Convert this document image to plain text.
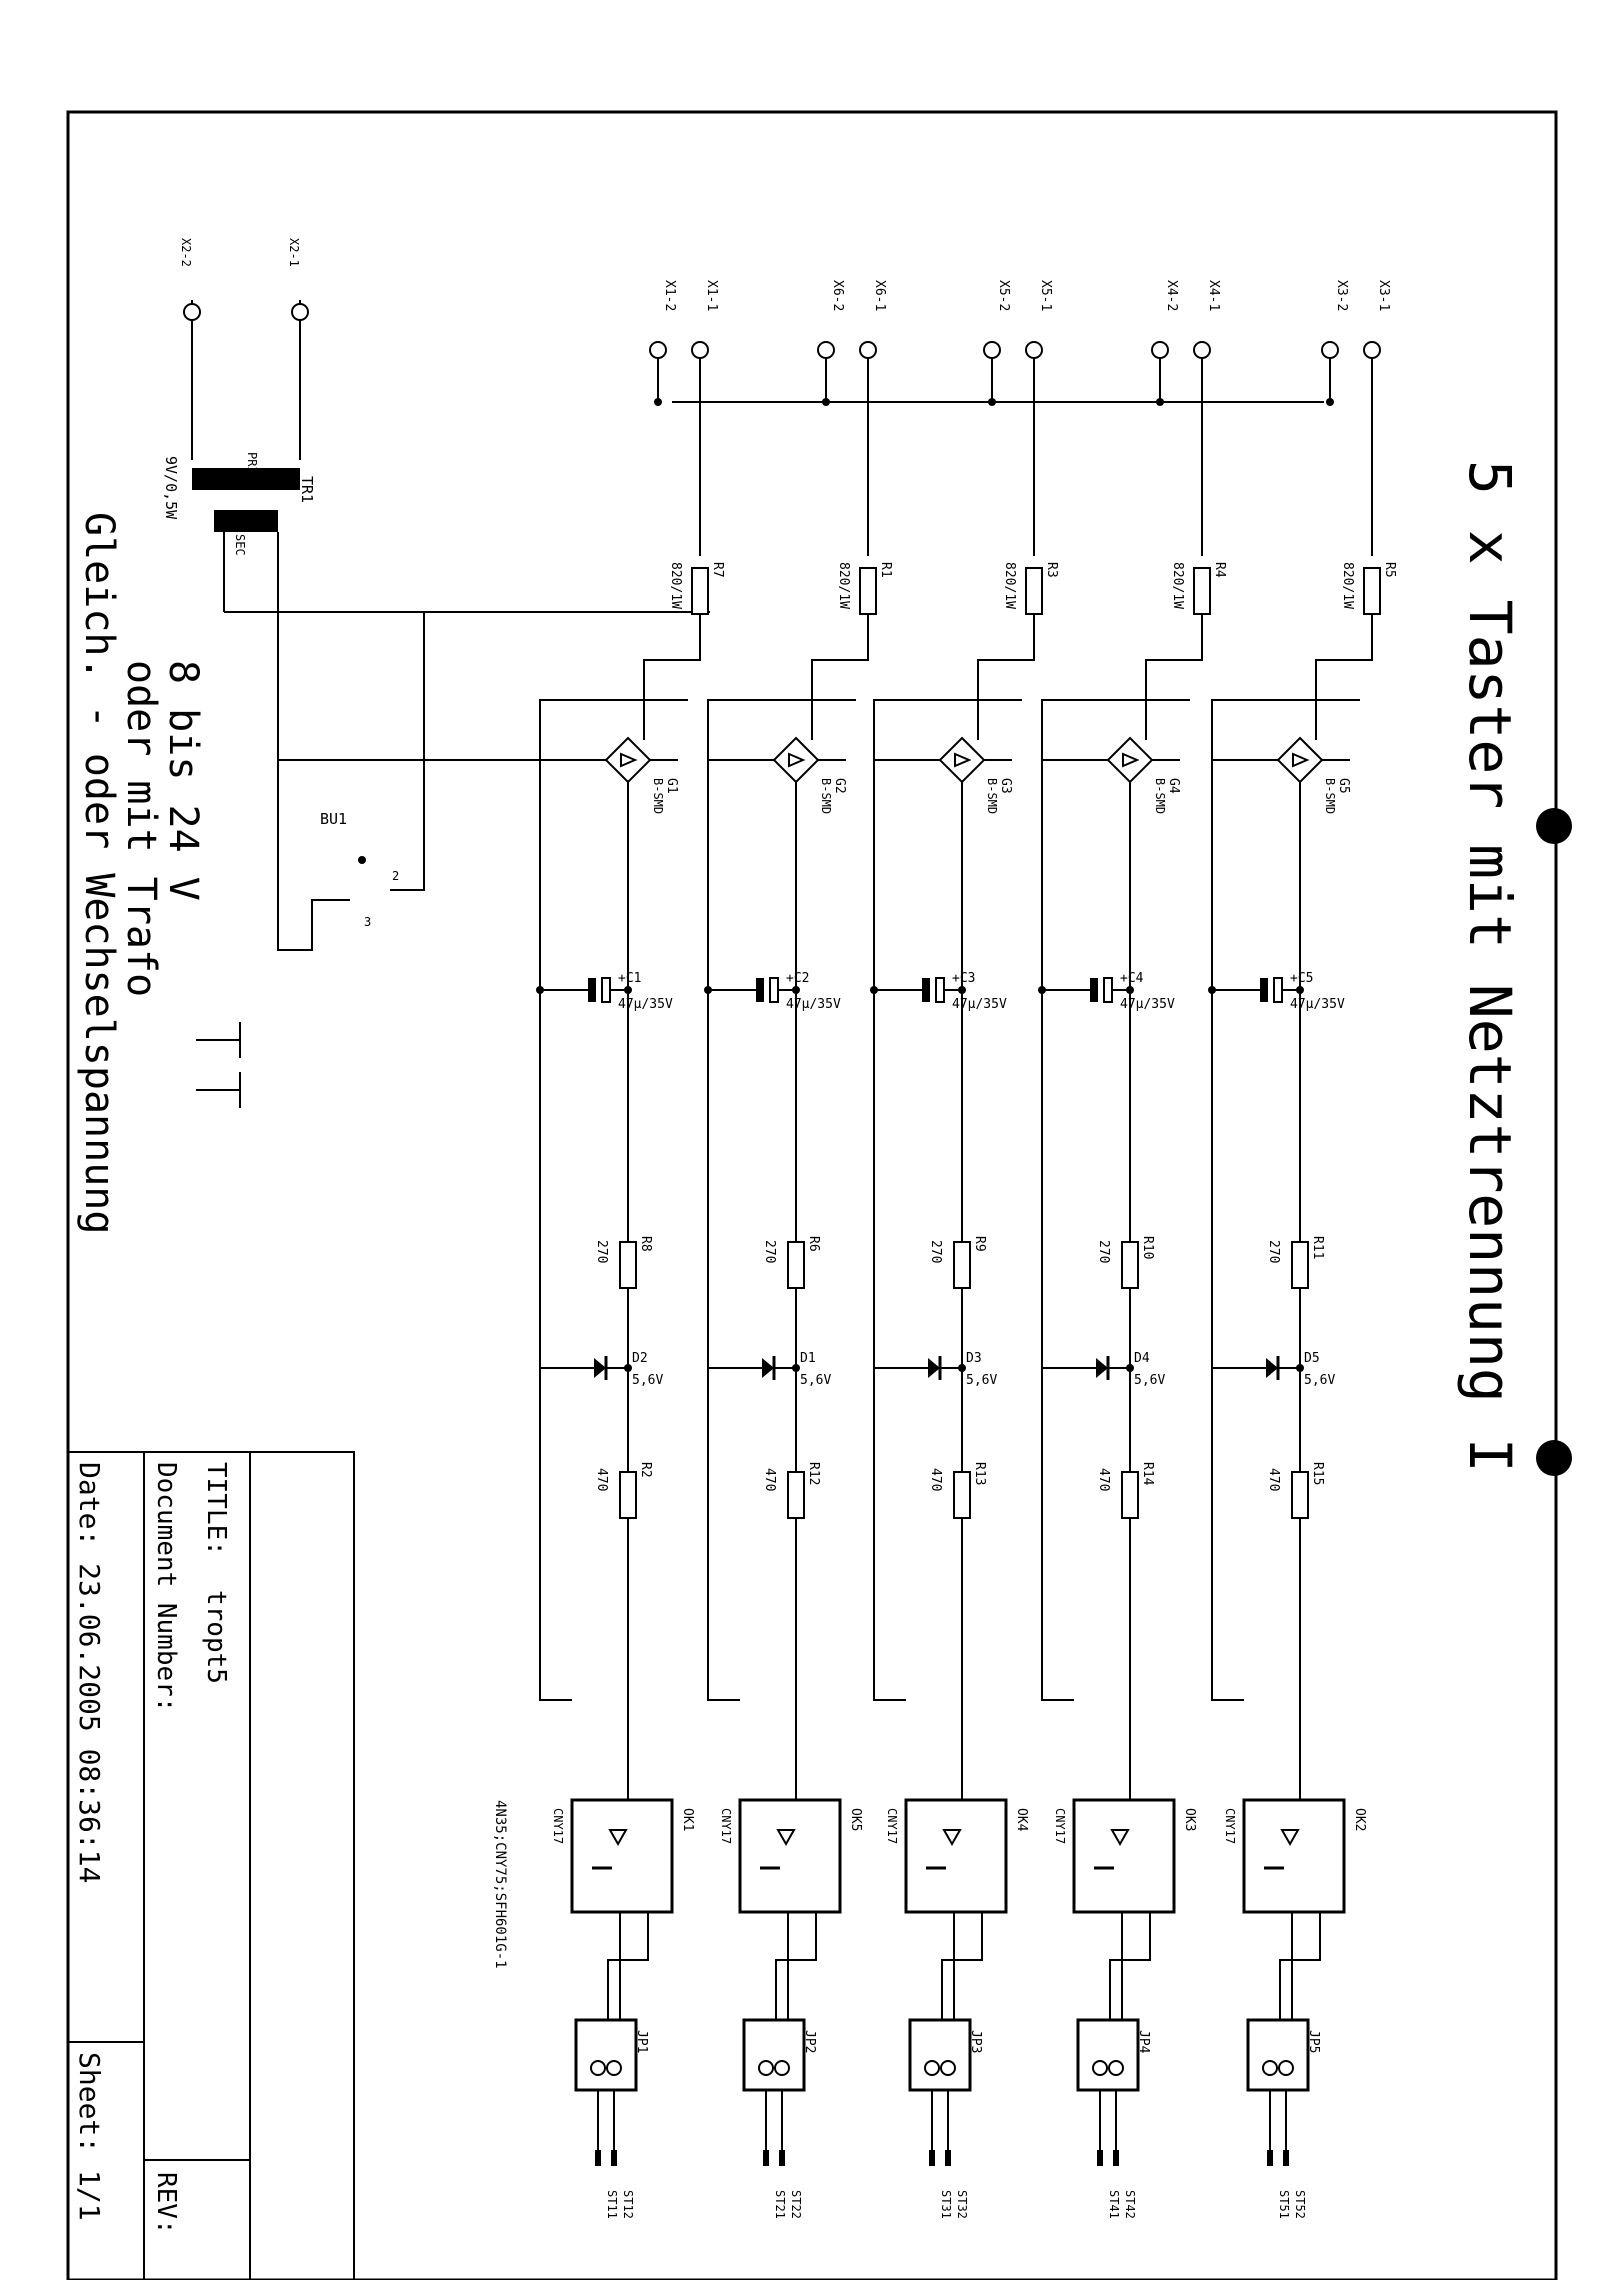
5 x Taster mit Netztrennung I
TITLE:
tropt5
Document Number:
REV:
Date: 23.06.2005 08:36:14
Sheet: 1/1
8 bis 24 V
oder mit Trafo
Gleich. - oder Wechselspannung
TR1
9V/0,5W	PRI
SEC
X2-1
X2-2
BU1
2
3
R5
820/1W
G5
B-SMD
+C5
47µ/35V
R11
270
D5
5,6V
R15
470
OK2
CNY17
JP5
ST52
ST51
X3-1
X3-2
R4
820/1W
G4
B-SMD
+C4
47µ/35V
R10
270
D4
5,6V
R14
470
OK3
CNY17
JP4
ST42
ST41
X4-1
X4-2
R3
820/1W
G3
B-SMD
+C3
47µ/35V
R9
270
D3
5,6V
R13
470
OK4
CNY17
JP3
ST32
ST31
X5-1
X5-2
R1
820/1W
G2
B-SMD
+C2
47µ/35V
R6
270
D1
5,6V
R12
470
OK5
CNY17
JP2
ST22
ST21
X6-1
X6-2
R7
820/1W
G1
B-SMD
+C1
47µ/35V
R8
270
D2
5,6V
R2
470
OK1
CNY17
JP1
ST12
ST11
X1-1
X1-2
4N35;CNY75;SFH601G-1
